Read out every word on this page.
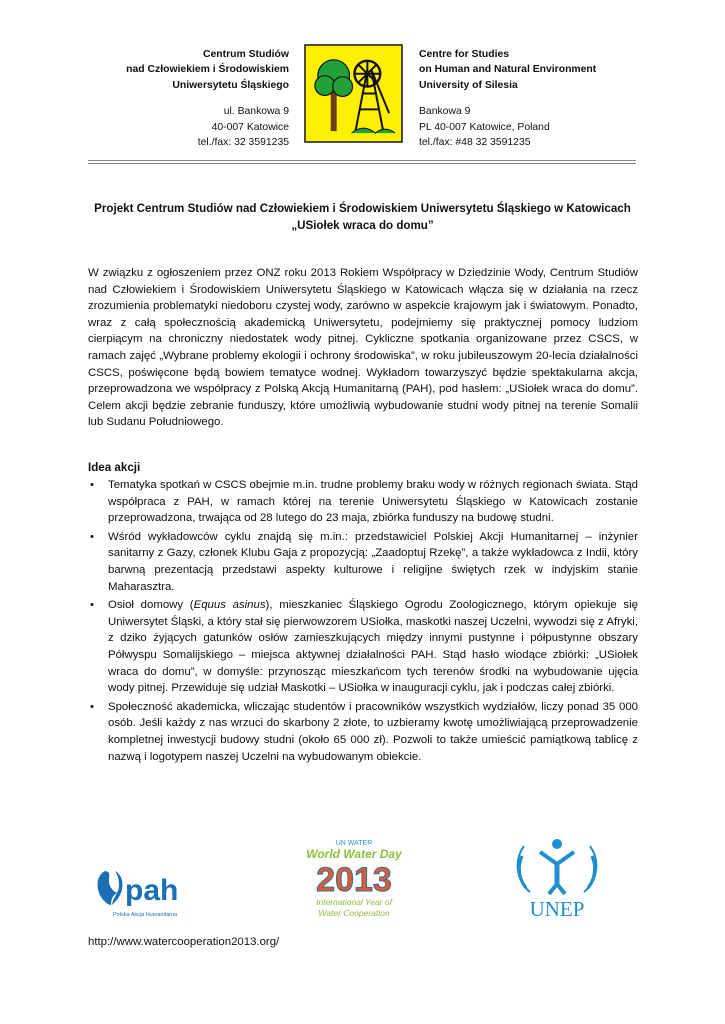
Centrum Studiów
nad Człowiekiem i Środowiskiem
Uniwersytetu Śląskiego
ul. Bankowa 9
40-007 Katowice
tel./fax: 32 3591235
Centre for Studies
on Human and Natural Environment
University of Silesia
Bankowa 9
PL 40-007 Katowice, Poland
tel./fax: #48 32 3591235
Projekt Centrum Studiów nad Człowiekiem i Środowiskiem Uniwersytetu Śląskiego w Katowicach
„USiołek wraca do domu”

W związku z ogłoszeniem przez ONZ roku 2013 Rokiem Współpracy w Dziedzinie Wody, Centrum Studiów nad Człowiekiem i Środowiskiem Uniwersytetu Śląskiego w Katowicach włącza się w działania na rzecz zrozumienia problematyki niedoboru czystej wody, zarówno w aspekcie krajowym jak i światowym. Ponadto, wraz z całą społecznością akademicką Uniwersytetu, podejmiemy się praktycznej pomocy ludziom cierpiącym na chroniczny niedostatek wody pitnej. Cykliczne spotkania organizowane przez CSCS, w ramach zajęć „Wybrane problemy ekologii i ochrony środowiska”, w roku jubileuszowym 20-lecia działalności CSCS, poświęcone będą bowiem tematyce wodnej. Wykładom towarzyszyć będzie spektakularna akcja, przeprowadzona we współpracy z Polską Akcją Humanitarną (PAH), pod hasłem: „USiołek wraca do domu”. Celem akcji będzie zebranie funduszy, które umożliwią wybudowanie studni wody pitnej na terenie Somalii lub Sudanu Południowego.

Idea akcji
• Tematyka spotkań w CSCS obejmie m.in. trudne problemy braku wody w różnych regionach świata. Stąd współpraca z PAH, w ramach której na terenie Uniwersytetu Śląskiego w Katowicach zostanie przeprowadzona, trwająca od 28 lutego do 23 maja, zbiórka funduszy na budowę studni.
• Wśród wykładowców cyklu znajdą się m.in.: przedstawiciel Polskiej Akcji Humanitarnej – inżynier sanitarny z Gazy, członek Klubu Gaja z propozycją: „Zaadoptuj Rzekę”, a także wykładowca z Indii, który barwną prezentacją przedstawi aspekty kulturowe i religijne świętych rzek w indyjskim stanie Maharasztra.
• Osioł domowy (Equus asinus), mieszkaniec Śląskiego Ogrodu Zoologicznego, którym opiekuje się Uniwersytet Śląski, a który stał się pierwowzorem USiołka, maskotki naszej Uczelni, wywodzi się z Afryki, z dziko żyjących gatunków osłów zamieszkujących między innymi pustynne i półpustynne obszary Półwyspu Somalijskiego – miejsca aktywnej działalności PAH. Stąd hasło wiodące zbiórki: „USiołek wraca do domu”, w domyśle: przynosząc mieszkańcom tych terenów środki na wybudowanie ujęcia wody pitnej. Przewiduje się udział Maskotki – USiołka w inauguracji cyklu, jak i podczas całej zbiórki.
• Społeczność akademicka, wliczając studentów i pracowników wszystkich wydziałów, liczy ponad 35 000 osób. Jeśli każdy z nas wrzuci do skarbony 2 złote, to uzbieramy kwotę umożliwiającą przeprowadzenie kompletnej inwestycji budowy studni (około 65 000 zł). Pozwoli to także umieścić pamiątkową tablicę z nazwą i logotypem naszej Uczelni na wybudowanym obiekcie.
pah
Polska Akcja Humanitarna
UN WATER
World Water Day
2013
International Year of
Water Cooperation	UNEP
http://www.watercooperation2013.org/
